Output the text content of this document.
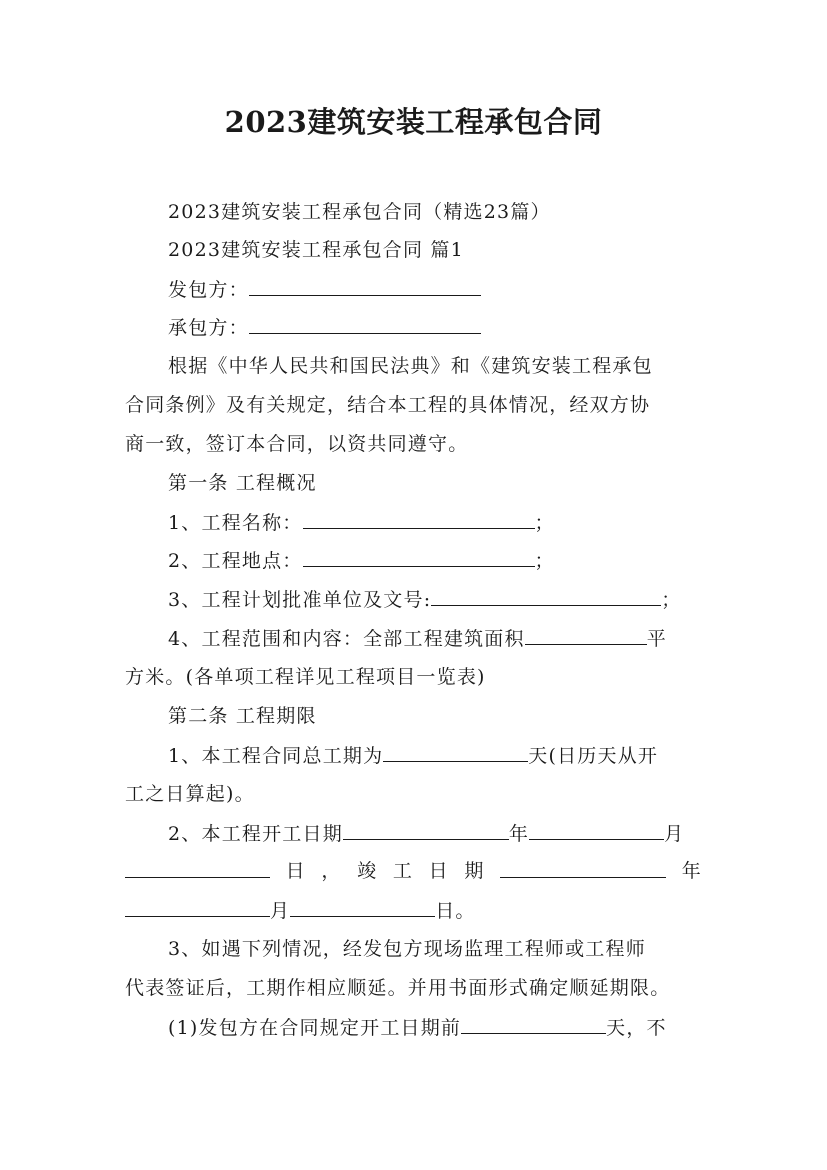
2023建筑安装工程承包合同
2023建筑安装工程承包合同（精选23篇）
2023建筑安装工程承包合同 篇1
发包方：
承包方：
根据《中华人民共和国民法典》和《建筑安装工程承包
合同条例》及有关规定，结合本工程的具体情况，经双方协
商一致，签订本合同，以资共同遵守。
第一条 工程概况
1、工程名称：	；
2、工程地点：	；
3、工程计划批准单位及文号:	；
4、工程范围和内容：全部工程建筑面积	平
方米。(各单项工程详见工程项目一览表)
第二条 工程期限
1、本工程合同总工期为	天(日历天从开
工之日算起)。
2、本工程开工日期	年	月
日 ， 竣 工 日 期	年
月	日。
3、如遇下列情况，经发包方现场监理工程师或工程师
代表签证后，工期作相应顺延。并用书面形式确定顺延期限。
(1)发包方在合同规定开工日期前	天，不
